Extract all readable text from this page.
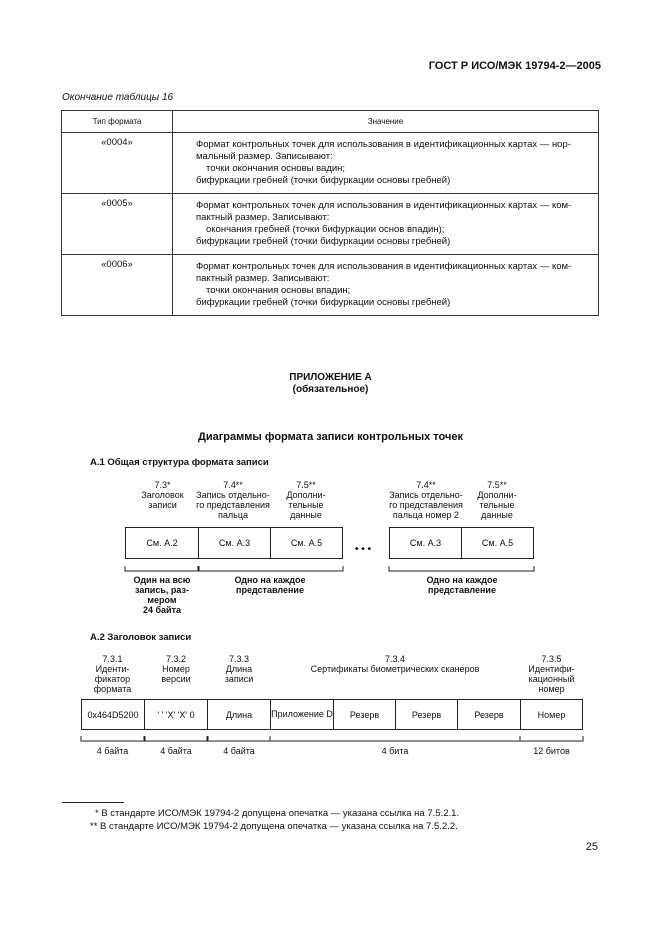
ГОСТ Р ИСО/МЭК 19794-2—2005
Окончание таблицы 16
Тип формата	Значение
«0004»	Формат контрольных точек для использования в идентификационных картах — нор-
мальный размер. Записывают:
точки окончания основы вадин;
бифуркации гребней (точки бифуркации основы гребней)

«0005»	Формат контрольных точек для использования в идентификационных картах — ком-
пактный размер. Записывают:
окончания гребней (точки бифуркации основ впадин);
бифуркации гребней (точки бифуркации основы гребней)

«0006»	Формат контрольных точек для использования в идентификационных картах — ком-
пактный размер. Записывают:
точки окончания основы впадин;
бифуркации гребней (точки бифуркации основы гребней)
ПРИЛОЖЕНИЕ А
(обязательное)
Диаграммы формата записи контрольных точек
А.1 Общая структура формата записи
7.3*
Заголовок
записи
7.4**
Запись отдельно-
го представления
пальца
7.5**
Дополни-
тельные
данные
7.4**
Запись отдельно-
го представления
пальца номер 2
7.5**
Дополни-
тельные
данные
См. А.2	См. А.3	См. А.5
• • •
См. А.3	См. А.5
Один на всю
запись, раз-
мером
24 байта
Одно на каждое
представление
Одно на каждое
представление
А.2 Заголовок записи
7.3.1
Иденти-
фикатор
формата
7.3.2
Номер
версии
7.3.3
Длина
записи
7.3.4
Сертификаты биометрических сканеров
7.3.5
Идентифи-
кационный
номер
0x464D5200	' ' 'X' 'X' 0	Длина	Приложение D	Резерв	Резерв	Резерв	Номер
4 байта	4 байта	4 байта	4 бита	12 битов
* В стандарте ИСО/МЭК 19794-2 допущена опечатка — указана ссылка на 7.5.2.1.
** В стандарте ИСО/МЭК 19794-2 допущена опечатка — указана ссылка на 7.5.2.2.
25
